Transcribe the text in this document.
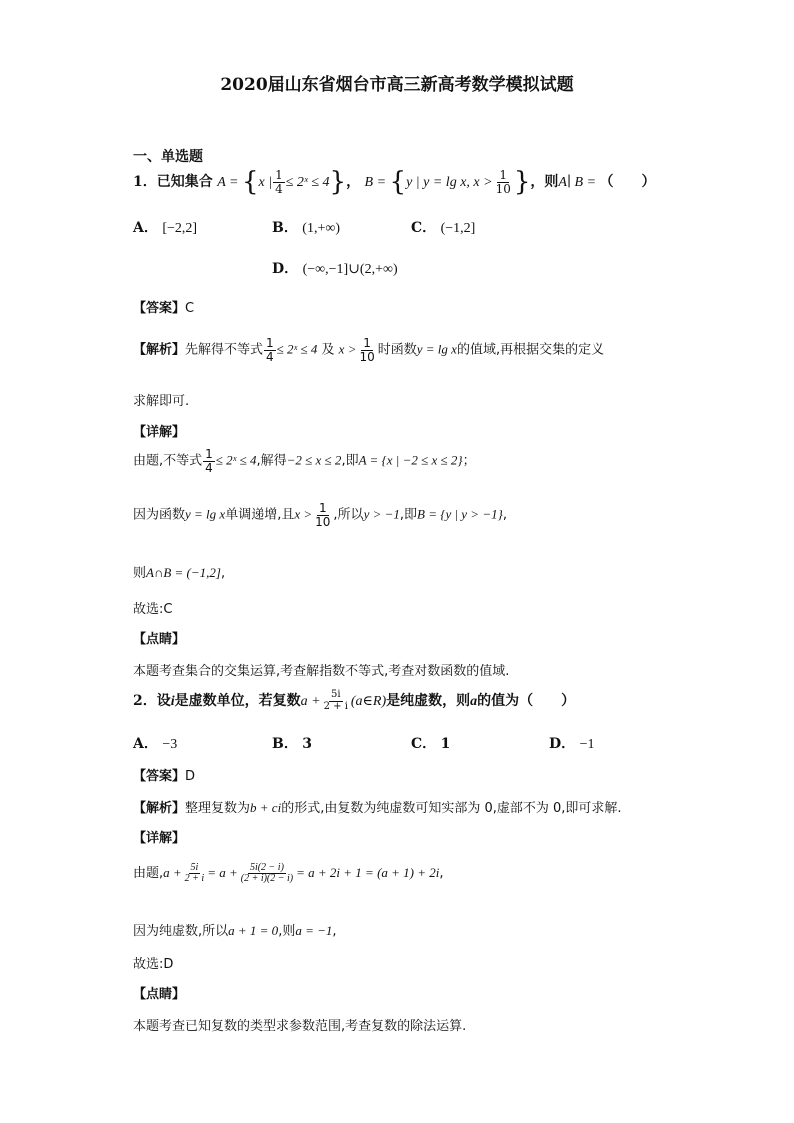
2020届山东省烟台市高三新高考数学模拟试题
一、单选题
1．已知集合 A = {x | $\frac{1}{4}$ ≤ 2ˣ ≤ 4}， B = {y | y = lg x, $x > \frac{1}{10}$ }，则A∣ B = （　　）
A． [−2,2]	B． (1,+∞)	C． (−1,2]
D． (−∞,−1]∪(2,+∞)
【答案】C
【解析】先解得不等式 $\frac{1}{4}$ ≤ 2ˣ ≤ 4 及 $x > \frac{1}{10}$ 时函数y = lg x的值域,再根据交集的定义
求解即可.
【详解】
由题,不等式 $\frac{1}{4}$ ≤ 2ˣ ≤ 4,解得−2 ≤ x ≤ 2,即A = {x | −2 ≤ x ≤ 2}；
因为函数y = lg x单调递增,且$x > \frac{1}{10}$ ,所以y > −1,即B = {y | y > −1},
则A∩B = (−1,2],
故选:C
【点睛】
本题考查集合的交集运算,考查解指数不等式,考查对数函数的值域.
2．设i是虚数单位，若复数$a + \frac{5i}{2 + i}$ (a∈R)是纯虚数，则a的值为（　　）
A． −3	B． 3	C． 1	D． −1
【答案】D
【解析】整理复数为b + ci的形式,由复数为纯虚数可知实部为 0,虚部不为 0,即可求解.
【详解】
由题$,a + \frac{5i}{2 + i} = a + \frac{5i(2 - i)}{(2 + i)(2 - i)} = a + 2i + 1 = (a + 1) + 2i$,
因为纯虚数,所以a + 1 = 0,则a = −1,
故选:D
【点睛】
本题考查已知复数的类型求参数范围,考查复数的除法运算.
